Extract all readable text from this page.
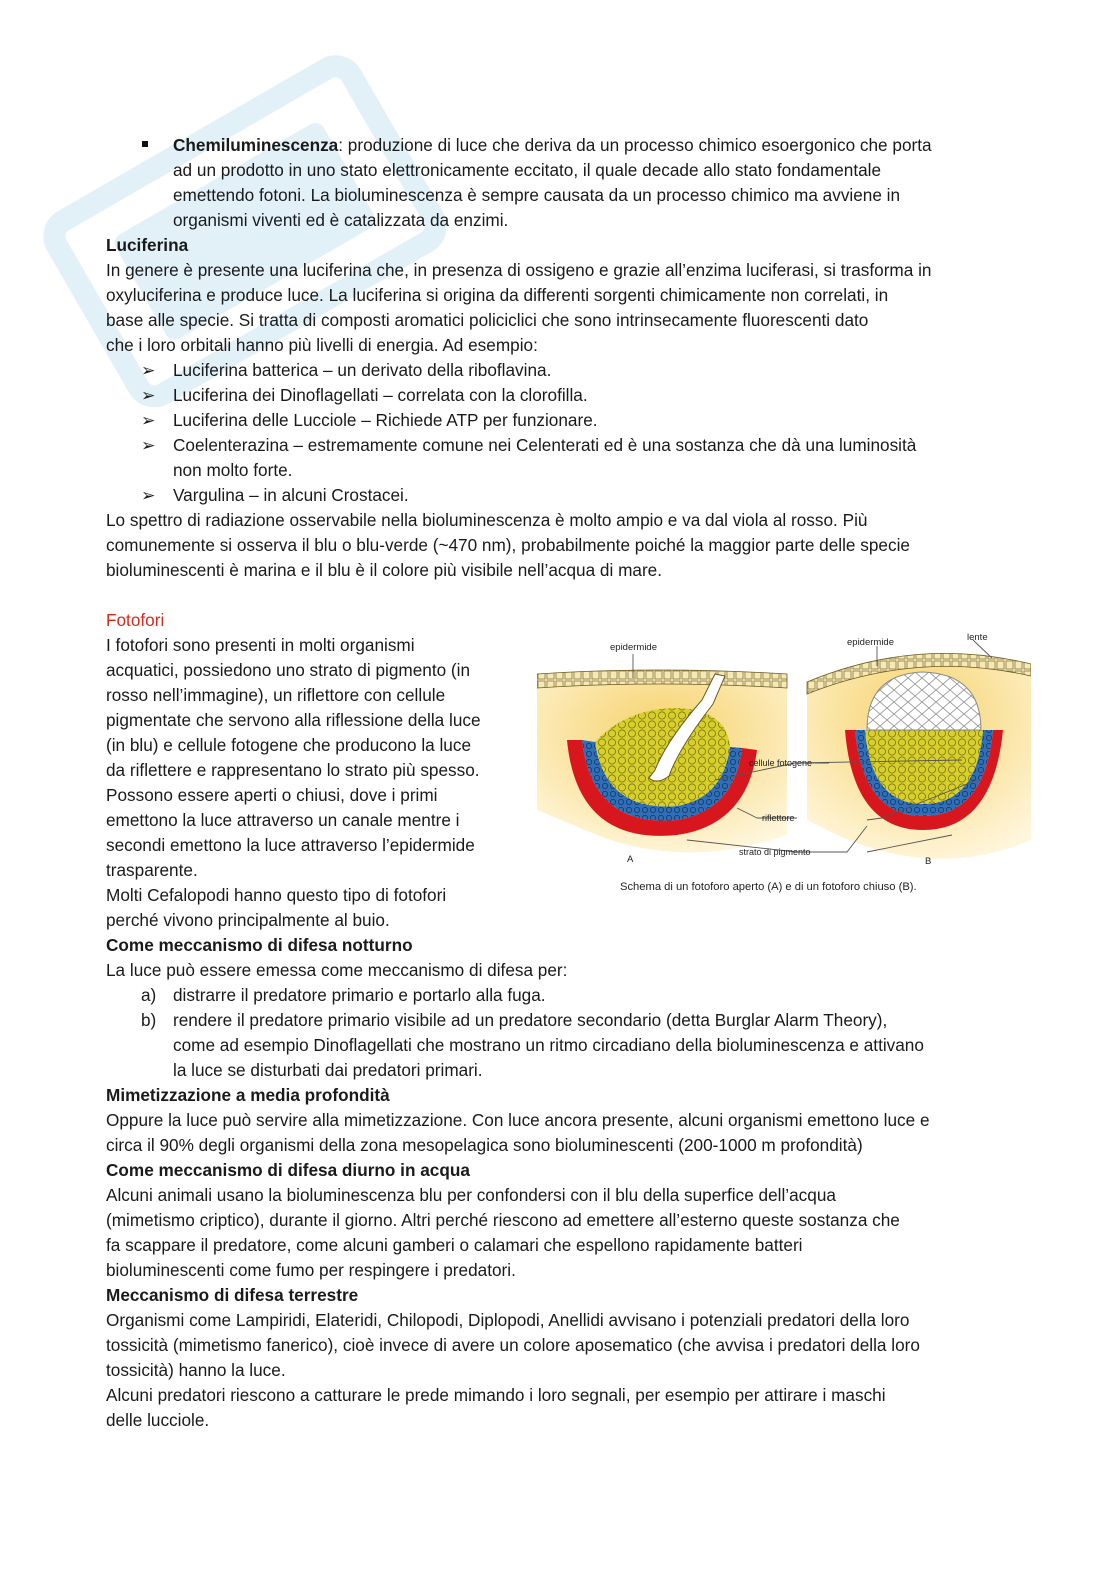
Chemiluminescenza: produzione di luce che deriva da un processo chimico esoergonico che porta
ad un prodotto in uno stato elettronicamente eccitato, il quale decade allo stato fondamentale
emettendo fotoni. La bioluminescenza è sempre causata da un processo chimico ma avviene in
organismi viventi ed è catalizzata da enzimi.
Luciferina
In genere è presente una luciferina che, in presenza di ossigeno e grazie all’enzima luciferasi, si trasforma in
oxyluciferina e produce luce. La luciferina si origina da differenti sorgenti chimicamente non correlati, in
base alle specie. Si tratta di composti aromatici policiclici che sono intrinsecamente fluorescenti dato
che i loro orbitali hanno più livelli di energia. Ad esempio:
➢ Luciferina batterica – un derivato della riboflavina.
➢ Luciferina dei Dinoflagellati – correlata con la clorofilla.
➢ Luciferina delle Lucciole – Richiede ATP per funzionare.
➢ Coelenterazina – estremamente comune nei Celenterati ed è una sostanza che dà una luminosità
non molto forte.
➢ Vargulina – in alcuni Crostacei.
Lo spettro di radiazione osservabile nella bioluminescenza è molto ampio e va dal viola al rosso. Più
comunemente si osserva il blu o blu-verde (~470 nm), probabilmente poiché la maggior parte delle specie
bioluminescenti è marina e il blu è il colore più visibile nell’acqua di mare.
Fotofori
I fotofori sono presenti in molti organismi
acquatici, possiedono uno strato di pigmento (in
rosso nell’immagine), un riflettore con cellule
pigmentate che servono alla riflessione della luce
(in blu) e cellule fotogene che producono la luce
da riflettere e rappresentano lo strato più spesso.
Possono essere aperti o chiusi, dove i primi
emettono la luce attraverso un canale mentre i
secondi emettono la luce attraverso l’epidermide
trasparente.
Molti Cefalopodi hanno questo tipo di fotofori
perché vivono principalmente al buio.
epidermide	epidermide	lente
cellule fotogene
riflettore
strato di pigmento
A	B
Schema di un fotoforo aperto (A) e di un fotoforo chiuso (B).
Come meccanismo di difesa notturno
La luce può essere emessa come meccanismo di difesa per:
a) distrarre il predatore primario e portarlo alla fuga.
b) rendere il predatore primario visibile ad un predatore secondario (detta Burglar Alarm Theory),
come ad esempio Dinoflagellati che mostrano un ritmo circadiano della bioluminescenza e attivano
la luce se disturbati dai predatori primari.
Mimetizzazione a media profondità
Oppure la luce può servire alla mimetizzazione. Con luce ancora presente, alcuni organismi emettono luce e
circa il 90% degli organismi della zona mesopelagica sono bioluminescenti (200-1000 m profondità)
Come meccanismo di difesa diurno in acqua
Alcuni animali usano la bioluminescenza blu per confondersi con il blu della superfice dell’acqua
(mimetismo criptico), durante il giorno. Altri perché riescono ad emettere all’esterno queste sostanza che
fa scappare il predatore, come alcuni gamberi o calamari che espellono rapidamente batteri
bioluminescenti come fumo per respingere i predatori.
Meccanismo di difesa terrestre
Organismi come Lampiridi, Elateridi, Chilopodi, Diplopodi, Anellidi avvisano i potenziali predatori della loro
tossicità (mimetismo fanerico), cioè invece di avere un colore aposematico (che avvisa i predatori della loro
tossicità) hanno la luce.
Alcuni predatori riescono a catturare le prede mimando i loro segnali, per esempio per attirare i maschi
delle lucciole.
